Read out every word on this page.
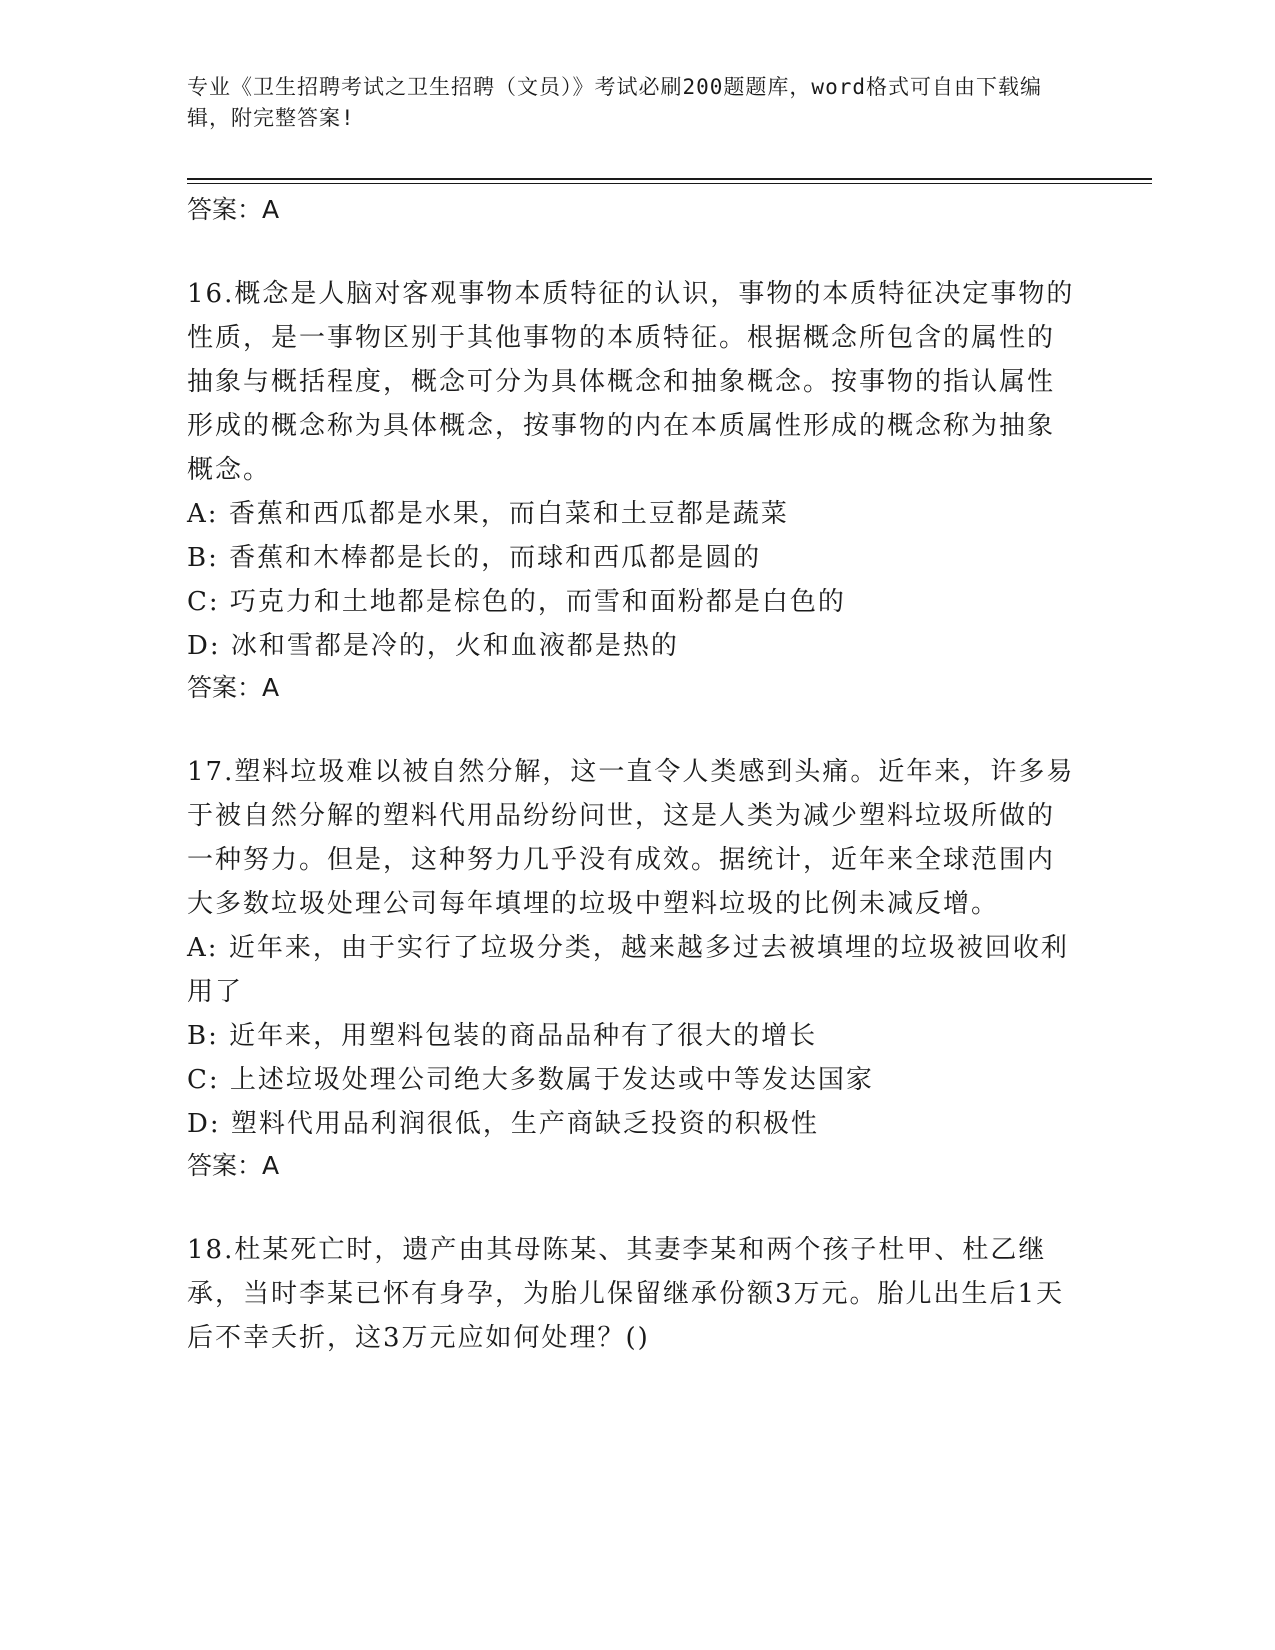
专业《卫生招聘考试之卫生招聘（文员）》考试必刷200题题库，word格式可自由下载编辑，附完整答案!

答案：A

16.概念是人脑对客观事物本质特征的认识，事物的本质特征决定事物的性质，是一事物区别于其他事物的本质特征。根据概念所包含的属性的抽象与概括程度，概念可分为具体概念和抽象概念。按事物的指认属性形成的概念称为具体概念，按事物的内在本质属性形成的概念称为抽象概念。

A: 香蕉和西瓜都是水果，而白菜和土豆都是蔬菜
B: 香蕉和木棒都是长的，而球和西瓜都是圆的
C: 巧克力和土地都是棕色的，而雪和面粉都是白色的
D: 冰和雪都是冷的，火和血液都是热的

答案：A

17.塑料垃圾难以被自然分解，这一直令人类感到头痛。近年来，许多易于被自然分解的塑料代用品纷纷问世，这是人类为减少塑料垃圾所做的一种努力。但是，这种努力几乎没有成效。据统计，近年来全球范围内大多数垃圾处理公司每年填埋的垃圾中塑料垃圾的比例未减反增。

A: 近年来，由于实行了垃圾分类，越来越多过去被填埋的垃圾被回收利用了
B: 近年来，用塑料包装的商品品种有了很大的增长
C: 上述垃圾处理公司绝大多数属于发达或中等发达国家
D: 塑料代用品利润很低，生产商缺乏投资的积极性

答案：A

18.杜某死亡时，遗产由其母陈某、其妻李某和两个孩子杜甲、杜乙继承，当时李某已怀有身孕，为胎儿保留继承份额3万元。胎儿出生后1天后不幸夭折，这3万元应如何处理？()
